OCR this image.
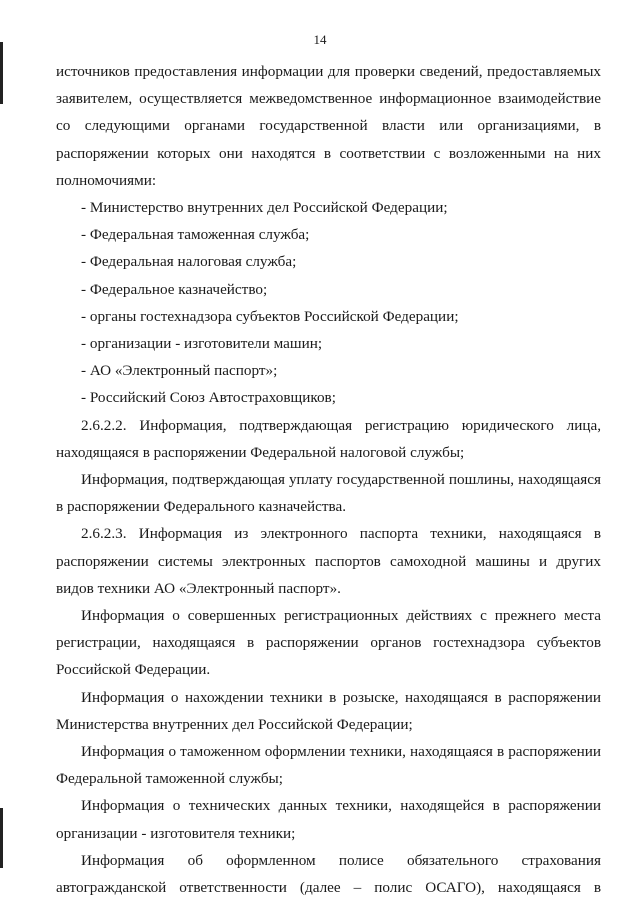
14

источников предоставления информации для проверки сведений, предоставляемых заявителем, осуществляется межведомственное информационное взаимодействие со следующими органами государственной власти или организациями, в распоряжении которых они находятся в соответствии с возложенными на них полномочиями:

- Министерство внутренних дел Российской Федерации;

- Федеральная таможенная служба;

- Федеральная налоговая служба;

- Федеральное казначейство;

- органы гостехнадзора субъектов Российской Федерации;

- организации - изготовители машин;

- АО «Электронный паспорт»;

- Российский Союз Автостраховщиков;

2.6.2.2. Информация, подтверждающая регистрацию юридического лица, находящаяся в распоряжении Федеральной налоговой службы;

Информация, подтверждающая уплату государственной пошлины, находящаяся в распоряжении Федерального казначейства.

2.6.2.3. Информация из электронного паспорта техники, находящаяся в распоряжении системы электронных паспортов самоходной машины и других видов техники АО «Электронный паспорт».

Информация о совершенных регистрационных действиях с прежнего места регистрации, находящаяся в распоряжении органов гостехнадзора субъектов Российской Федерации.

Информация о нахождении техники в розыске, находящаяся в распоряжении Министерства внутренних дел Российской Федерации;

Информация о таможенном оформлении техники, находящаяся в распоряжении Федеральной таможенной службы;

Информация о технических данных техники, находящейся в распоряжении организации - изготовителя техники;

Информация об оформленном полисе обязательного страхования автогражданской ответственности (далее – полис ОСАГО), находящаяся в
